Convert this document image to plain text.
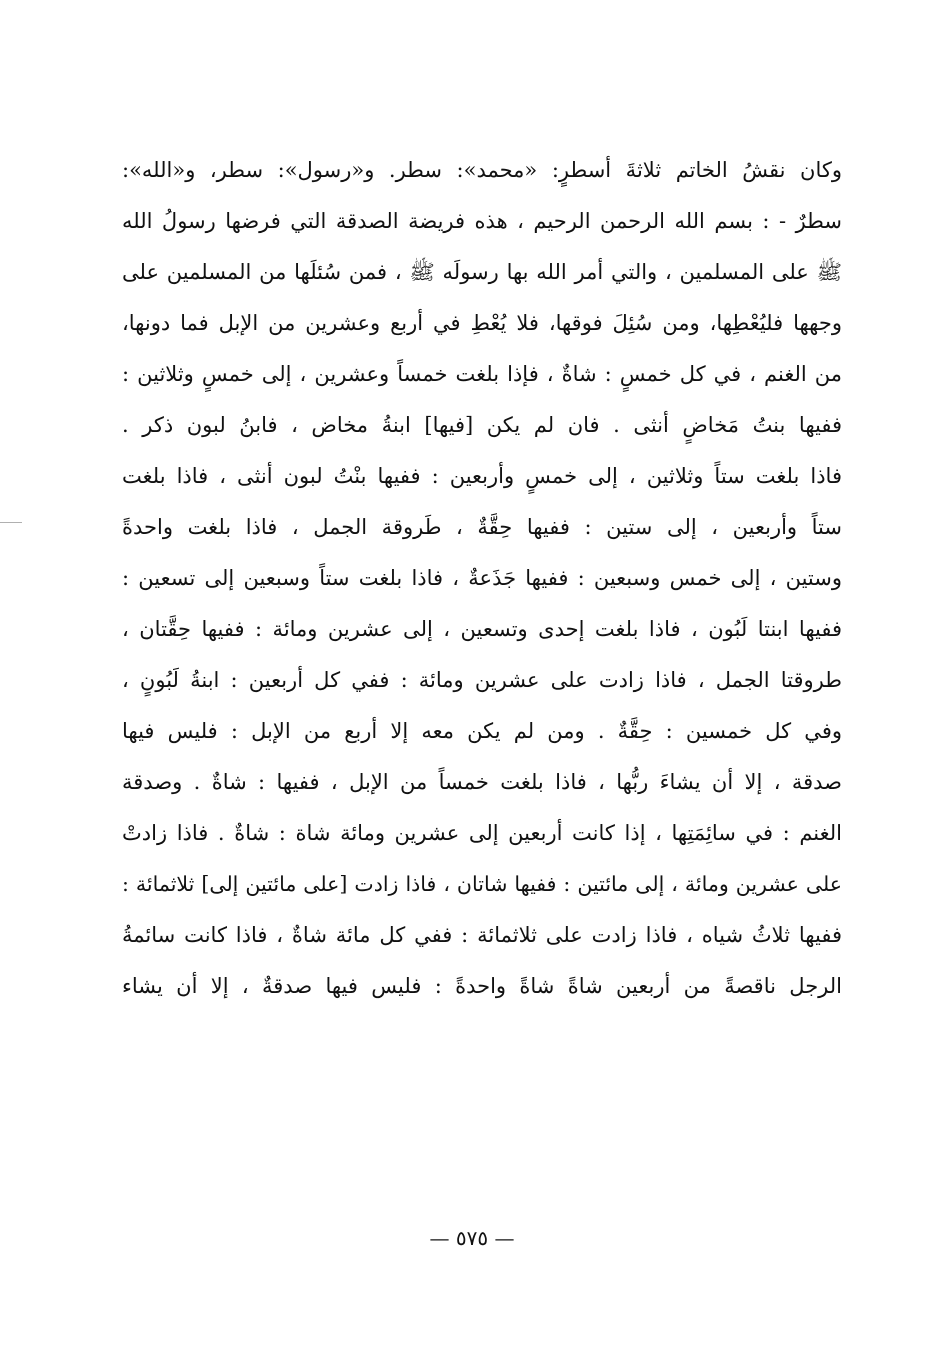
وكان نقشُ الخاتم ثلاثةَ أسطرٍ: «محمد»: سطر. و«رسول»: سطر، و«الله»:
سطرٌ - : بسم الله الرحمن الرحيم ، هذه فريضة الصدقة التي فرضها رسولُ الله
ﷺ على المسلمين ، والتي أمر الله بها رسولَه ﷺ ، فمن سُئلَها من المسلمين على
وجهها فليُعْطِها، ومن سُئِلَ فوقها، فلا يُعْطِ في أربع وعشرين من الإبل فما دونها،
من الغنم ، في كل خمسٍ : شاةٌ ، فإذا بلغت خمساً وعشرين ، إلى خمسٍ وثلاثين :
ففيها بنتُ مَخاضٍ أنثى . فان لم يكن [فيها] ابنةُ مخاض ، فابنُ لبون ذكر .
فاذا بلغت ستاً وثلاثين ، إلى خمسٍ وأربعين : ففيها بنْتُ لبون أنثى ، فاذا بلغت
ستاً وأربعين ، إلى ستين : ففيها حِقَّةٌ ، طَروقة الجمل ، فاذا بلغت واحدةً
وستين ، إلى خمس وسبعين : ففيها جَذَعةٌ ، فاذا بلغت ستاً وسبعين إلى تسعين :
ففيها ابنتا لَبُون ، فاذا بلغت إحدى وتسعين ، إلى عشرين ومائة : ففيها حِقَّتان ،
طروقتا الجمل ، فاذا زادت على عشرين ومائة : ففي كل أربعين : ابنةُ لَبُونٍ ،
وفي كل خمسين : حِقَّةٌ . ومن لم يكن معه إلا أربع من الإبل : فليس فيها
صدقة ، إلا أن يشاءَ ربُّها ، فاذا بلغت خمساً من الإبل ، ففيها : شاةٌ . وصدقة
الغنم : في سائِمَتِها ، إذا كانت أربعين إلى عشرين ومائة شاة : شاةٌ . فاذا زادتْ
على عشرين ومائة ، إلى مائتين : ففيها شاتان ، فاذا زادت [على مائتين إلى] ثلاثمائة :
ففيها ثلاثُ شياه ، فاذا زادت على ثلاثمائة : ففي كل مائة شاةٌ ، فاذا كانت سائمةُ
الرجل ناقصةً من أربعين شاةً شاةً واحدةً : فليس فيها صدقةٌ ، إلا أن يشاء
— ٥٧٥ —
